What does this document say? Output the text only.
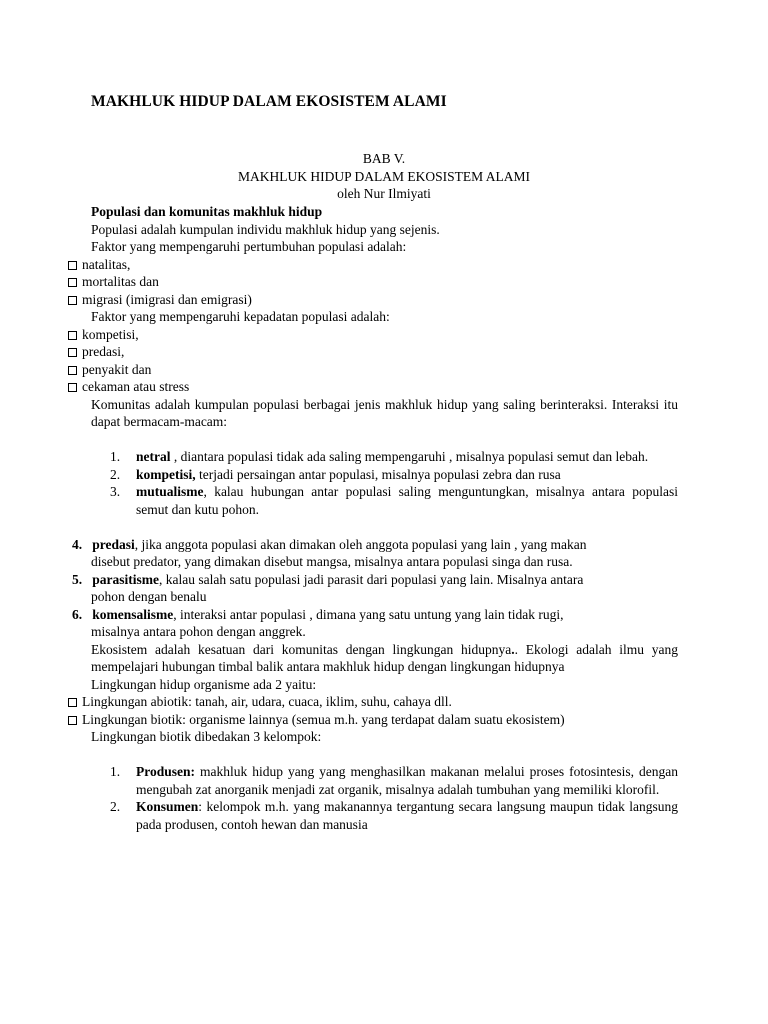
MAKHLUK HIDUP DALAM EKOSISTEM ALAMI
BAB V.
MAKHLUK HIDUP DALAM EKOSISTEM ALAMI
oleh Nur Ilmiyati
Populasi dan komunitas makhluk hidup
Populasi adalah kumpulan individu makhluk hidup yang sejenis.
Faktor yang mempengaruhi pertumbuhan populasi adalah:
natalitas,
mortalitas dan
migrasi (imigrasi dan emigrasi)
Faktor yang mempengaruhi kepadatan populasi adalah:
kompetisi,
predasi,
penyakit dan
cekaman atau stress
Komunitas adalah kumpulan populasi berbagai jenis makhluk hidup yang saling berinteraksi. Interaksi itu dapat bermacam-macam:
1.	netral , diantara populasi tidak ada saling mempengaruhi , misalnya populasi semut dan lebah.
2.	kompetisi, terjadi persaingan antar populasi, misalnya populasi zebra dan rusa
3.	mutualisme, kalau hubungan antar populasi saling menguntungkan, misalnya antara populasi semut dan kutu pohon.
4. predasi, jika anggota populasi akan dimakan oleh anggota populasi yang lain , yang makan
disebut predator, yang dimakan disebut mangsa, misalnya antara populasi singa dan rusa.
5. parasitisme, kalau salah satu populasi jadi parasit dari populasi yang lain. Misalnya antara
pohon dengan benalu
6. komensalisme, interaksi antar populasi , dimana yang satu untung yang lain tidak rugi,
misalnya antara pohon dengan anggrek.
Ekosistem adalah kesatuan dari komunitas dengan lingkungan hidupnya.. Ekologi adalah ilmu yang mempelajari hubungan timbal balik antara makhluk hidup dengan lingkungan hidupnya
Lingkungan hidup organisme ada 2 yaitu:
Lingkungan abiotik: tanah, air, udara, cuaca, iklim, suhu, cahaya dll.
Lingkungan biotik: organisme lainnya (semua m.h. yang terdapat dalam suatu ekosistem)
Lingkungan biotik dibedakan 3 kelompok:
1.	Produsen: makhluk hidup yang yang menghasilkan makanan melalui proses fotosintesis, dengan mengubah zat anorganik menjadi zat organik, misalnya adalah tumbuhan yang memiliki klorofil.
2.	Konsumen: kelompok m.h. yang makanannya tergantung secara langsung maupun tidak langsung pada produsen, contoh hewan dan manusia
